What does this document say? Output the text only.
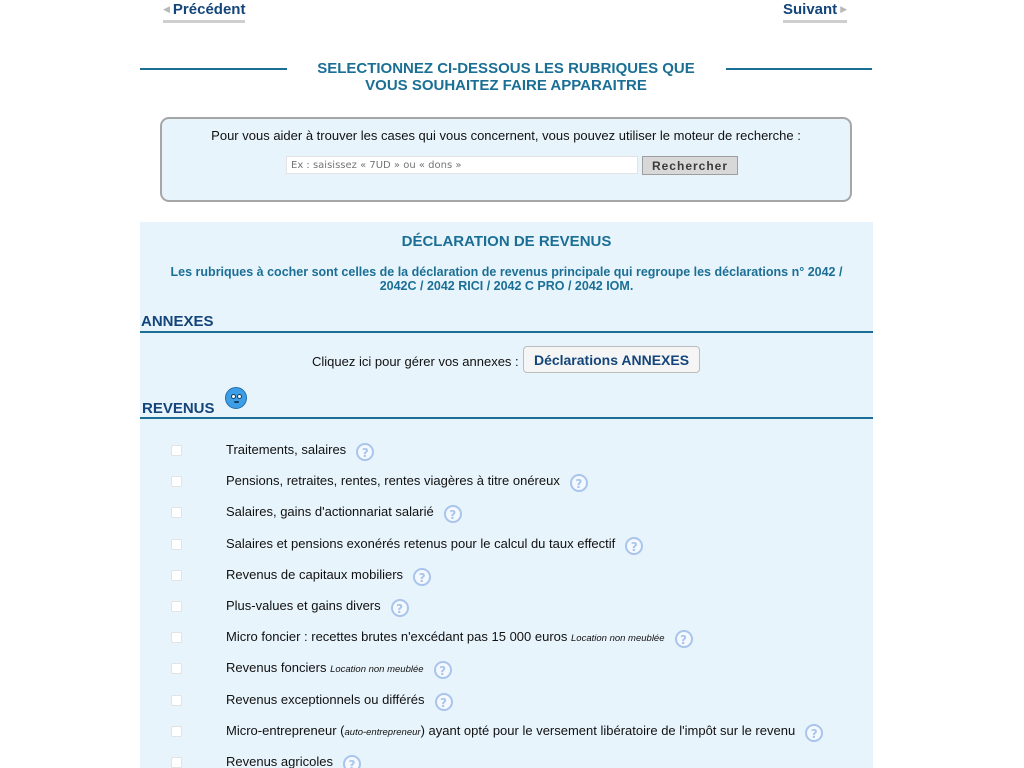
◀ Précédent	Suivant ▶
SELECTIONNEZ CI-DESSOUS LES RUBRIQUES QUE
VOUS SOUHAITEZ FAIRE APPARAITRE
Pour vous aider à trouver les cases qui vous concernent, vous pouvez utiliser le moteur de recherche :
Ex : saisissez « 7UD » ou « dons »
Rechercher
DÉCLARATION DE REVENUS
Les rubriques à cocher sont celles de la déclaration de revenus principale qui regroupe les déclarations n° 2042 / 2042C / 2042 RICI / 2042 C PRO / 2042 IOM.
ANNEXES
Cliquez ici pour gérer vos annexes :	Déclarations ANNEXES
REVENUS
Traitements, salaires ?
Pensions, retraites, rentes, rentes viagères à titre onéreux ?
Salaires, gains d'actionnariat salarié ?
Salaires et pensions exonérés retenus pour le calcul du taux effectif ?
Revenus de capitaux mobiliers ?
Plus-values et gains divers ?
Micro foncier : recettes brutes n'excédant pas 15 000 euros Location non meublée ?
Revenus fonciers Location non meublée ?
Revenus exceptionnels ou différés ?
Micro-entrepreneur (auto-entrepreneur) ayant opté pour le versement libératoire de l'impôt sur le revenu ?
Revenus agricoles ?
